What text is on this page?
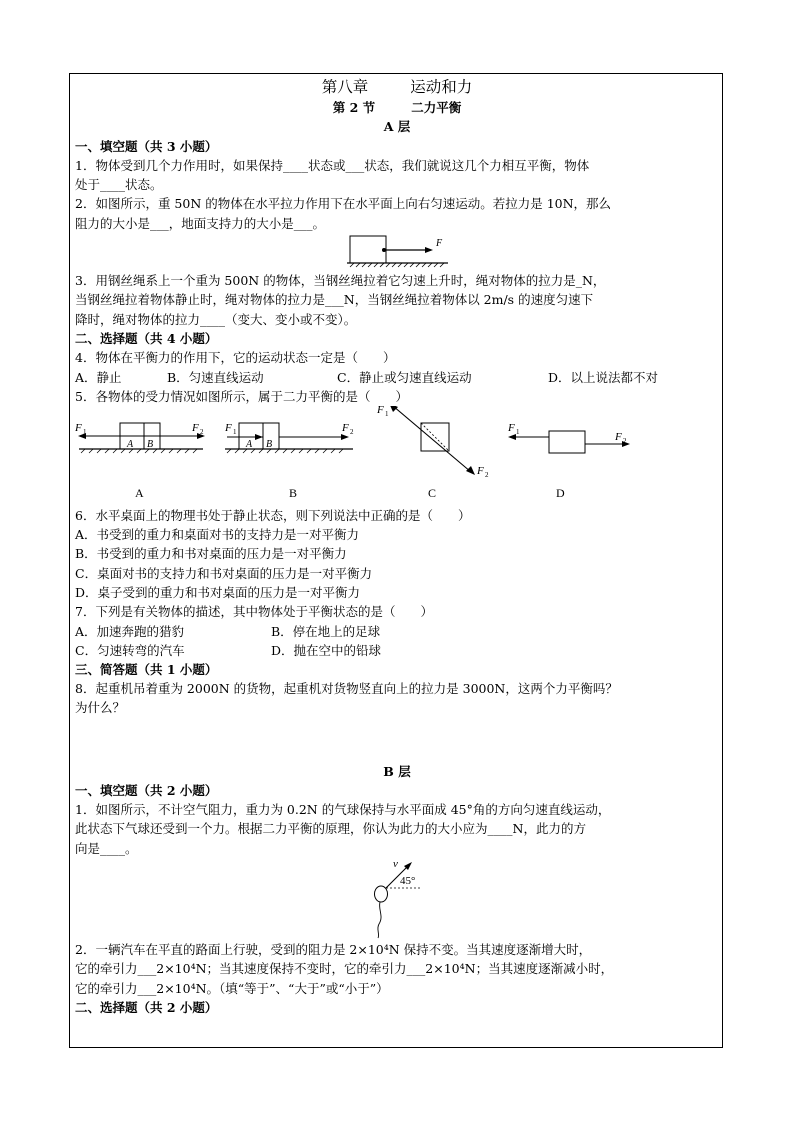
第八章	运动和力
第 2 节	二力平衡
A 层
一、填空题（共 3 小题）
1．物体受到几个力作用时，如果保持____状态或___状态，我们就说这几个力相互平衡，物体
处于____状态。
2．如图所示，重 50N 的物体在水平拉力作用下在水平面上向右匀速运动。若拉力是 10N，那么
阻力的大小是___，地面支持力的大小是___。
F
3．用钢丝绳系上一个重为 500N 的物体，当钢丝绳拉着它匀速上升时，绳对物体的拉力是_N，
当钢丝绳拉着物体静止时，绳对物体的拉力是___N，当钢丝绳拉着物体以 2m/s 的速度匀速下
降时，绳对物体的拉力____（变大、变小或不变）。
二、选择题（共 4 小题）
4．物体在平衡力的作用下，它的运动状态一定是（　　）
A．静止	B．匀速直线运动	C．静止或匀速直线运动	D．以上说法都不对
5．各物体的受力情况如图所示，属于二力平衡的是（　　）
F 1	F 2
A B
A
F 1	F 2
A B
B
F 1
F 2
C
F 1	F 2
D
6．水平桌面上的物理书处于静止状态，则下列说法中正确的是（　　）
A．书受到的重力和桌面对书的支持力是一对平衡力
B．书受到的重力和书对桌面的压力是一对平衡力
C．桌面对书的支持力和书对桌面的压力是一对平衡力
D．桌子受到的重力和书对桌面的压力是一对平衡力
7．下列是有关物体的描述，其中物体处于平衡状态的是（　　）
A．加速奔跑的猎豹	B．停在地上的足球
C．匀速转弯的汽车	D．抛在空中的铅球
三、简答题（共 1 小题）
8．起重机吊着重为 2000N 的货物，起重机对货物竖直向上的拉力是 3000N，这两个力平衡吗？
为什么？
B 层
一、填空题（共 2 小题）
1．如图所示，不计空气阻力，重力为 0.2N 的气球保持与水平面成 45°角的方向匀速直线运动，
此状态下气球还受到一个力。根据二力平衡的原理，你认为此力的大小应为____N，此力的方
向是____。
v
45°
2．一辆汽车在平直的路面上行驶，受到的阻力是 2×10⁴N 保持不变。当其速度逐渐增大时，
它的牵引力___2×10⁴N；当其速度保持不变时，它的牵引力___2×10⁴N；当其速度逐渐减小时，
它的牵引力___2×10⁴N。（填“等于”、“大于”或“小于”）
二、选择题（共 2 小题）
